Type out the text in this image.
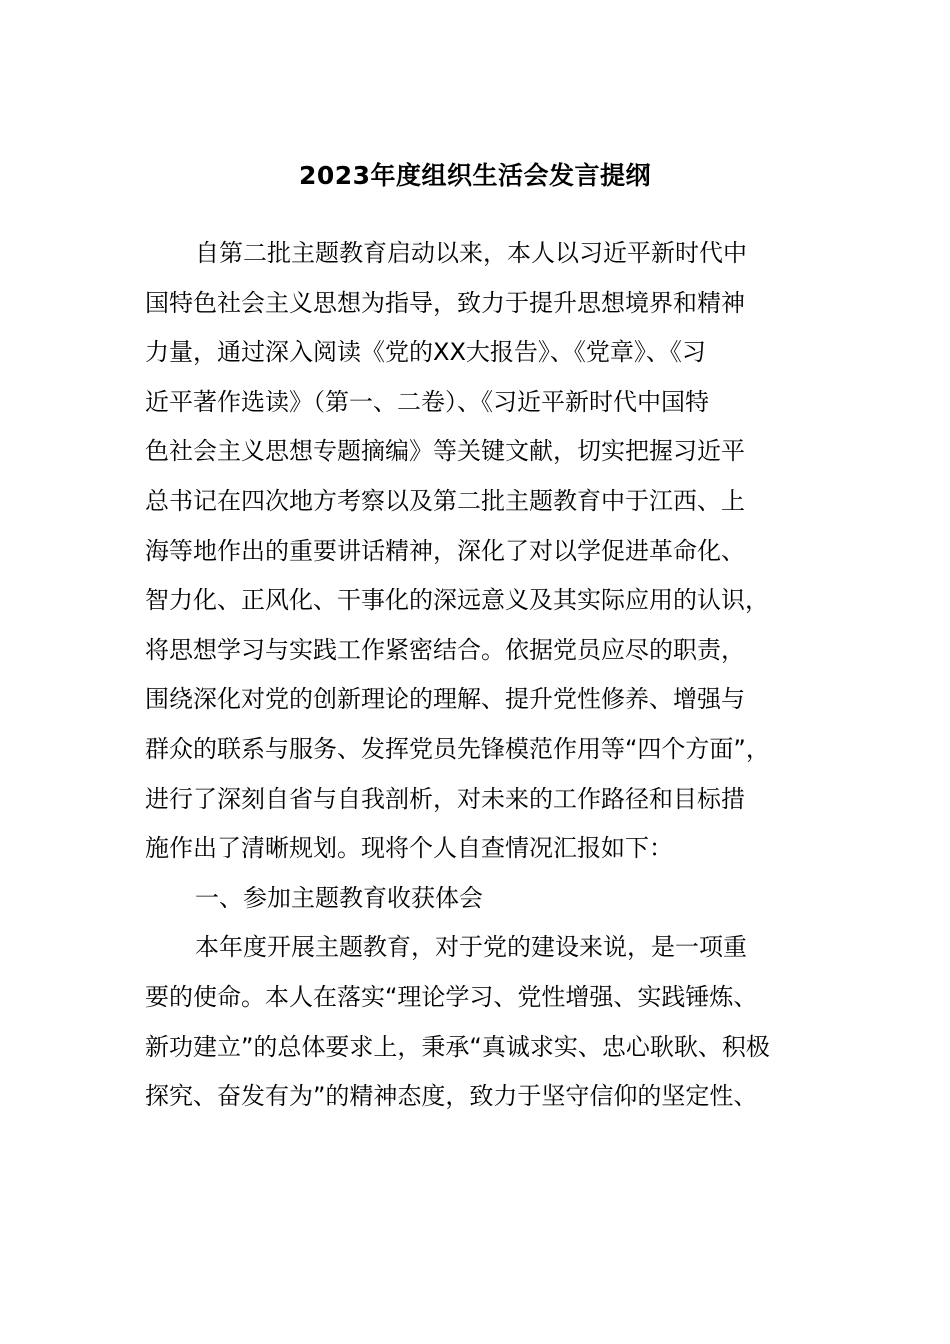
2023年度组织生活会发言提纲
自第二批主题教育启动以来，本人以习近平新时代中
国特色社会主义思想为指导，致力于提升思想境界和精神
力量，通过深入阅读《党的XX大报告》、《党章》、《习
近平著作选读》（第一、二卷）、《习近平新时代中国特
色社会主义思想专题摘编》等关键文献，切实把握习近平
总书记在四次地方考察以及第二批主题教育中于江西、上
海等地作出的重要讲话精神，深化了对以学促进革命化、
智力化、正风化、干事化的深远意义及其实际应用的认识，
将思想学习与实践工作紧密结合。依据党员应尽的职责，
围绕深化对党的创新理论的理解、提升党性修养、增强与
群众的联系与服务、发挥党员先锋模范作用等“四个方面”，
进行了深刻自省与自我剖析，对未来的工作路径和目标措
施作出了清晰规划。现将个人自查情况汇报如下：
一、参加主题教育收获体会
本年度开展主题教育，对于党的建设来说，是一项重
要的使命。本人在落实“理论学习、党性增强、实践锤炼、
新功建立”的总体要求上，秉承“真诚求实、忠心耿耿、积极
探究、奋发有为”的精神态度，致力于坚守信仰的坚定性、
